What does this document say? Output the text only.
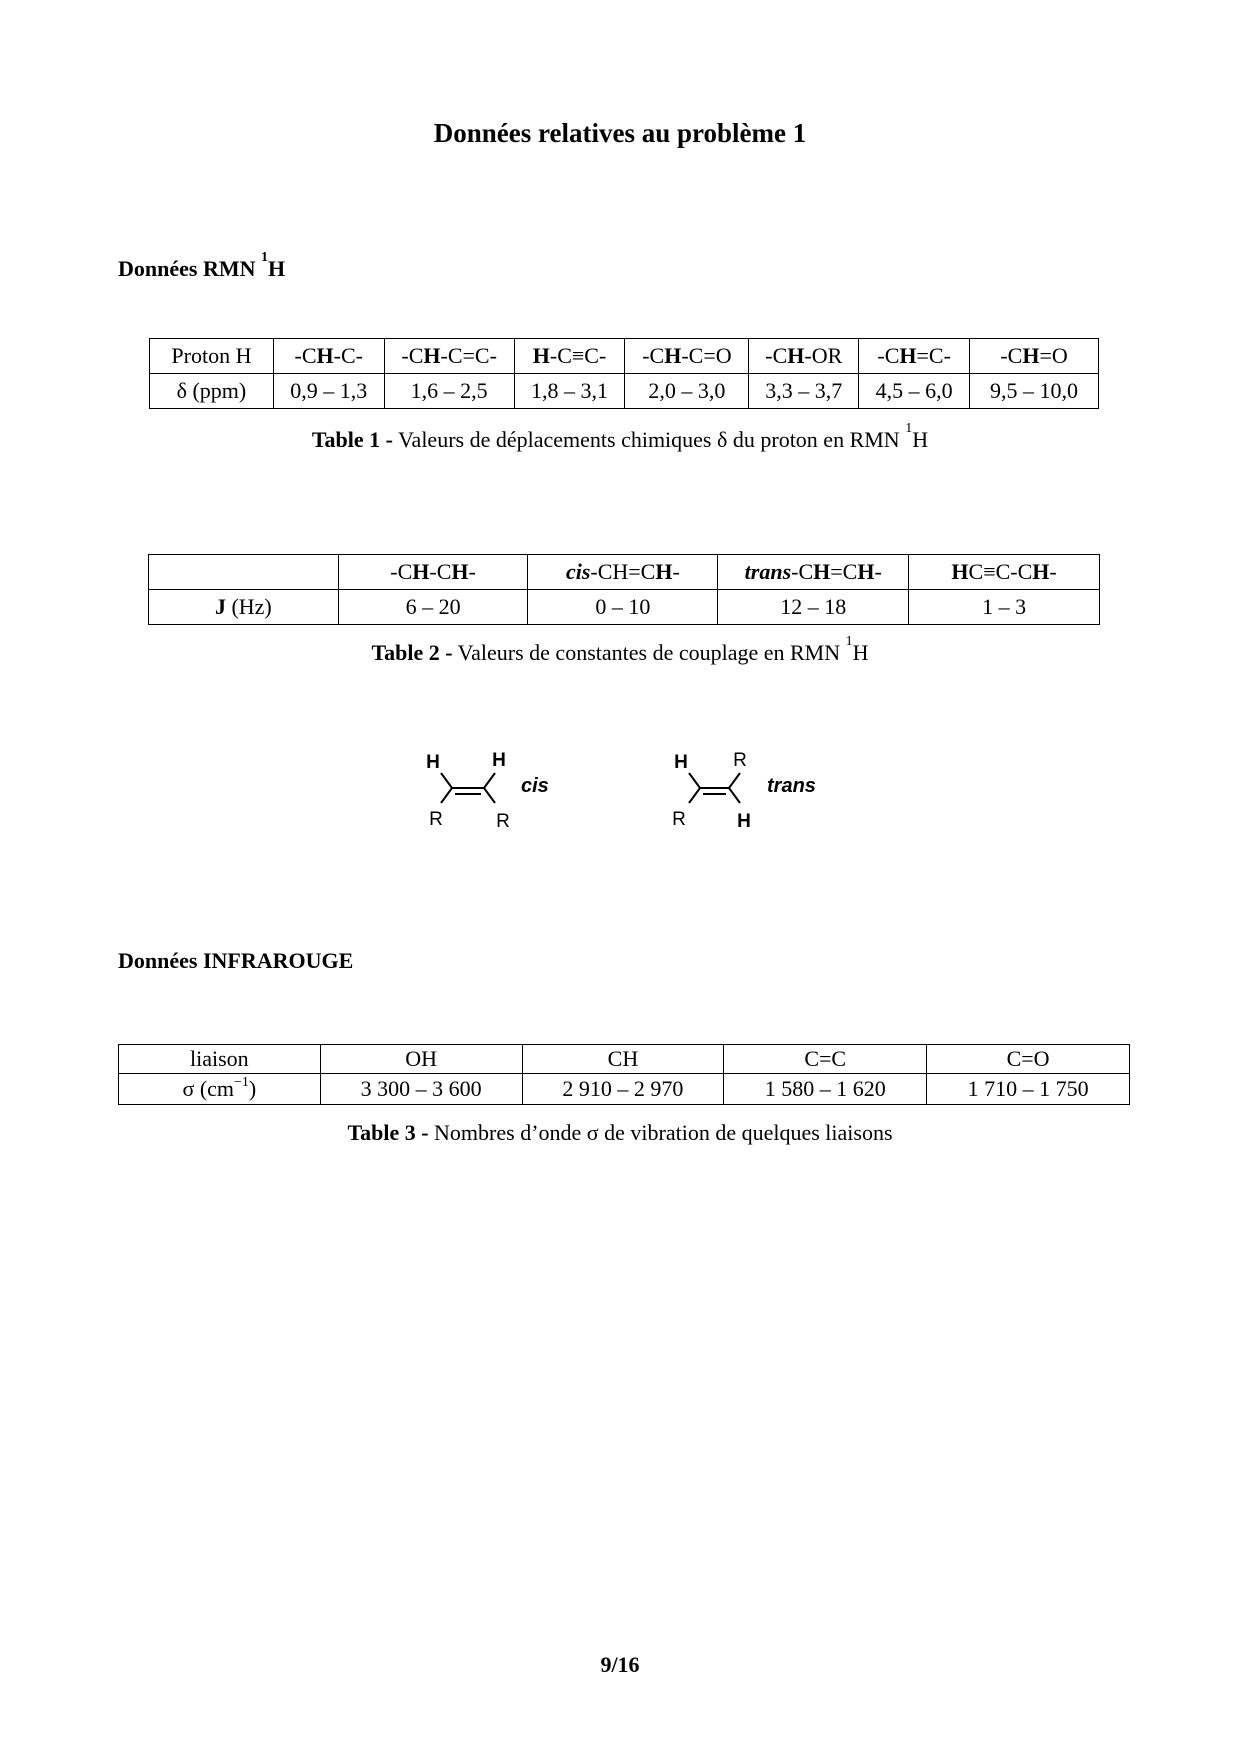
Données relatives au problème 1
Données RMN $^1$H
Proton H	-CH-C-	-CH-C=C-	H-C≡C-	-CH-C=O	-CH-OR	-CH=C-	-CH=O
δ (ppm)	0,9 – 1,3	1,6 – 2,5	1,8 – 3,1	2,0 – 3,0	3,3 – 3,7	4,5 – 6,0	9,5 – 10,0
Table 1 - Valeurs de déplacements chimiques δ du proton en RMN $^1$H
	-CH-CH-	cis-CH=CH-	trans-CH=CH-	HC≡C-CH-
J (Hz)	6 – 20	0 – 10	12 – 18	1 – 3
Table 2 - Valeurs de constantes de couplage en RMN $^1$H
H	H
R	R
cis
H R
R	H
trans
Données INFRAROUGE
liaison	OH	CH	C=C	C=O
σ $(cm^{-1})$	3 300 – 3 600	2 910 – 2 970	1 580 – 1 620	1 710 – 1 750
Table 3 - Nombres d’onde σ de vibration de quelques liaisons
9/16
